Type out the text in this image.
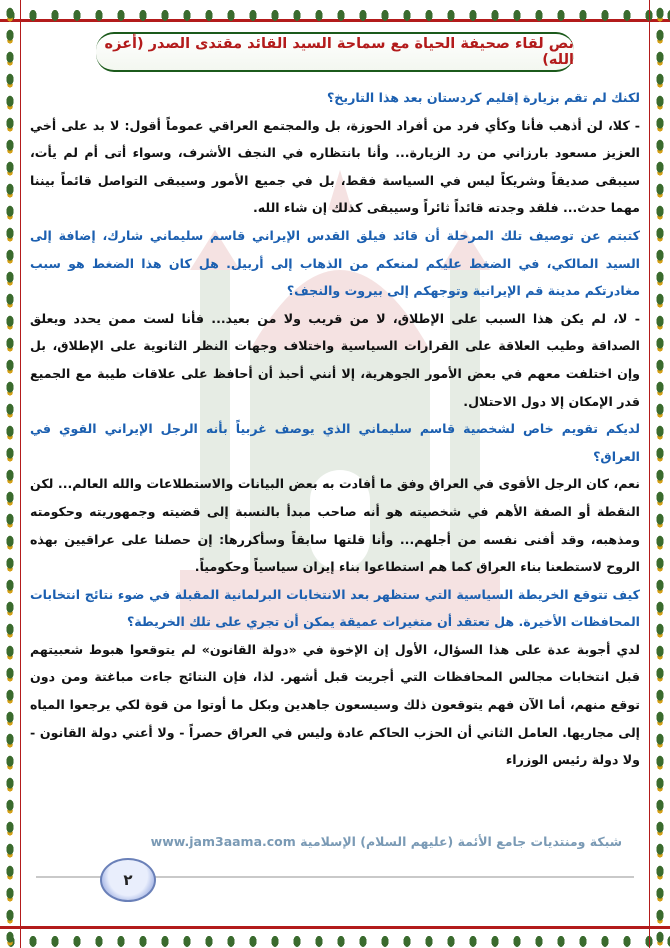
نص لقاء صحيفة الحياة مع سماحة السيد القائد مقتدى الصدر (أعزه الله)

لكنك لم تقم بزيارة إقليم كردستان بعد هذا التاريخ؟

- كلا، لن أذهب فأنا وكأي فرد من أفراد الحوزة، بل والمجتمع العراقي عموماً أقول: لا بد على أخي العزيز مسعود بارزاني من رد الزيارة... وأنا بانتظاره في النجف الأشرف، وسواء أتى أم لم يأت، سيبقى صديقاً وشريكاً ليس في السياسة فقط، بل في جميع الأمور وسيبقى التواصل قائماً بيننا مهما حدث... فلقد وجدته قائداً ثائراً وسيبقى كذلك إن شاء الله.

كتبتم عن توصيف تلك المرحلة أن قائد فيلق القدس الإيراني قاسم سليماني شارك، إضافة إلى السيد المالكي، في الضغط عليكم لمنعكم من الذهاب إلى أربيل. هل كان هذا الضغط هو سبب مغادرتكم مدينة قم الإيرانية وتوجهكم إلى بيروت والنجف؟

- لا، لم يكن هذا السبب على الإطلاق، لا من قريب ولا من بعيد... فأنا لست ممن يحدد ويعلق الصداقة وطيب العلاقة على القرارات السياسية واختلاف وجهات النظر الثانوية على الإطلاق، بل وإن اختلفت معهم في بعض الأمور الجوهرية، إلا أنني أحبذ أن أحافظ على علاقات طيبة مع الجميع قدر الإمكان إلا دول الاحتلال.

لديكم تقويم خاص لشخصية قاسم سليماني الذي يوصف غربياً بأنه الرجل الإيراني القوي في العراق؟

نعم، كان الرجل الأقوى في العراق وفق ما أفادت به بعض البيانات والاستطلاعات والله العالم... لكن النقطة أو الصفة الأهم في شخصيته هو أنه صاحب مبدأ بالنسبة إلى قضيته وجمهوريته وحكومته ومذهبه، وقد أفنى نفسه من أجلهم... وأنا قلتها سابقاً وسأكررها: إن حصلنا على عراقيين بهذه الروح لاستطعنا بناء العراق كما هم استطاعوا بناء إيران سياسياً وحكومياً.

كيف تتوقع الخريطة السياسية التي ستظهر بعد الانتخابات البرلمانية المقبلة في ضوء نتائج انتخابات المحافظات الأخيرة. هل تعتقد أن متغيرات عميقة يمكن أن تجري على تلك الخريطة؟

لدي أجوبة عدة على هذا السؤال، الأول إن الإخوة في «دولة القانون» لم يتوقعوا هبوط شعبيتهم قبل انتخابات مجالس المحافظات التي أجريت قبل أشهر. لذا، فإن النتائج جاءت مباغتة ومن دون توقع منهم، أما الآن فهم يتوقعون ذلك وسيسعون جاهدين وبكل ما أوتوا من قوة لكي يرجعوا المياه إلى مجاريها. العامل الثاني أن الحزب الحاكم عادة وليس في العراق حصراً - ولا أعني دولة القانون - ولا دولة رئيس الوزراء

شبكة ومنتديات جامع الأئمة (عليهم السلام) الإسلامية www.jam3aama.com
٢
